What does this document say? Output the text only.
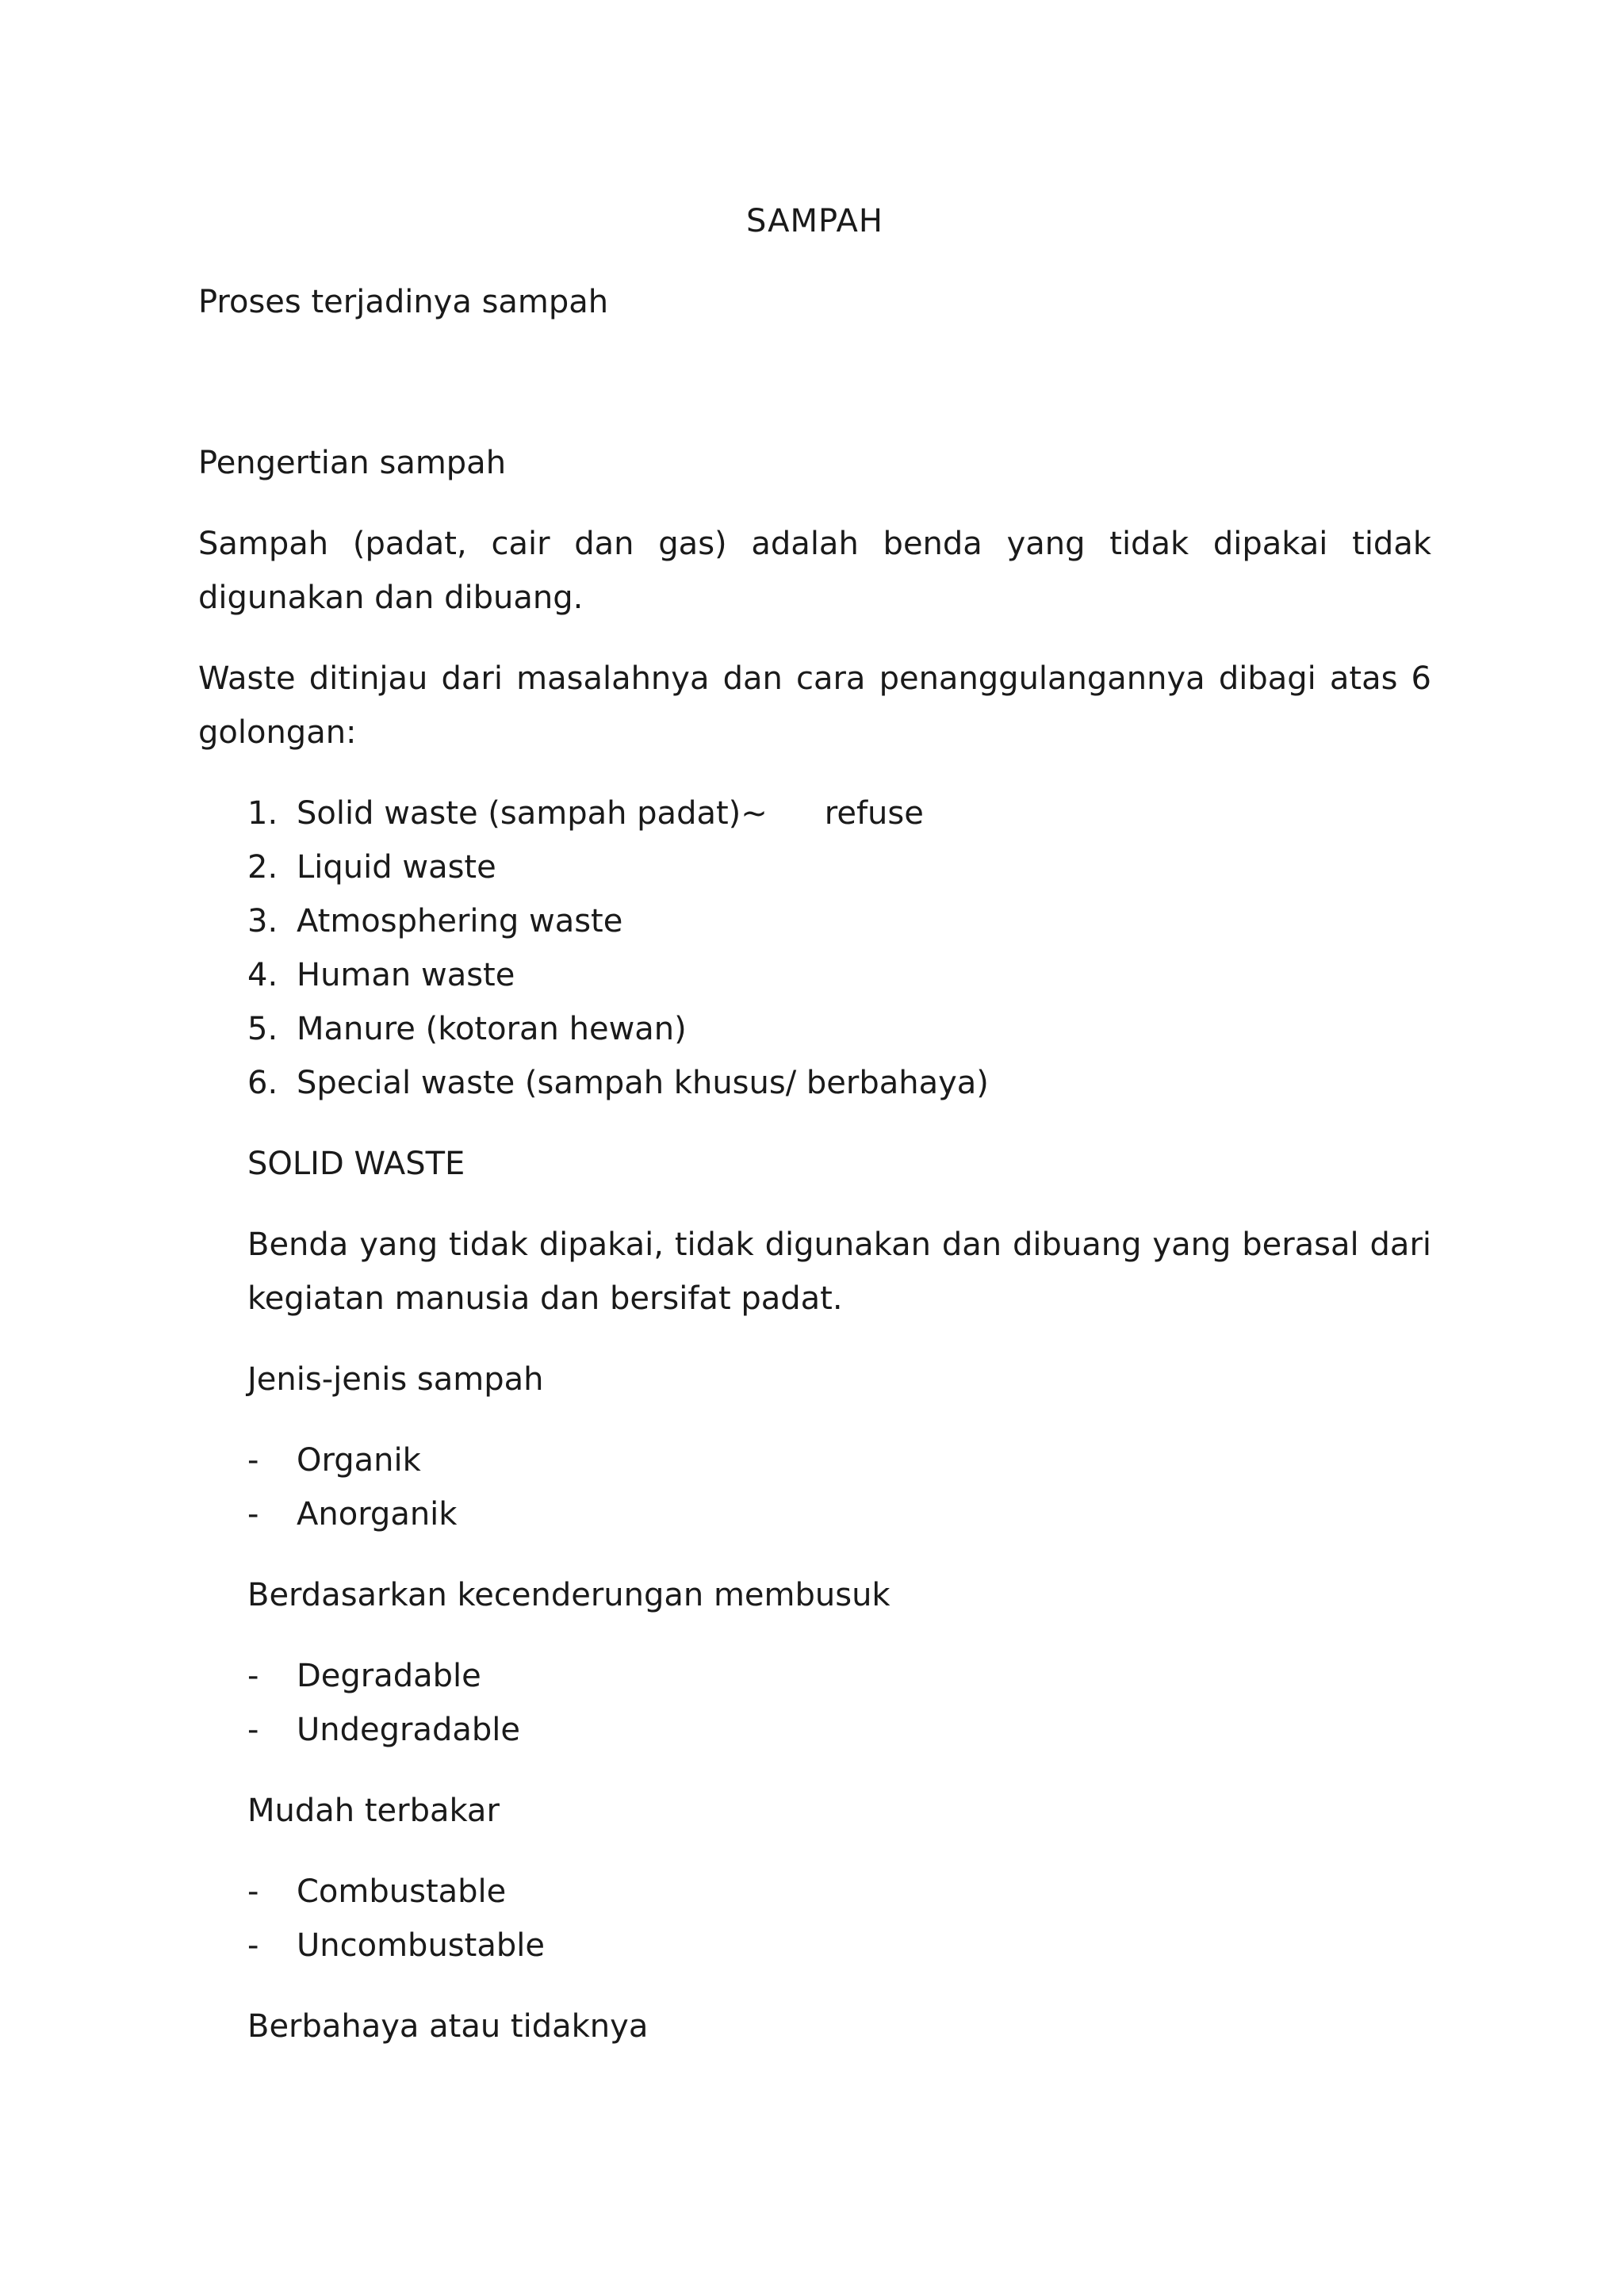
SAMPAH

Proses terjadinya sampah

Pengertian sampah

Sampah (padat, cair dan gas) adalah benda yang tidak dipakai tidak digunakan dan dibuang.

Waste ditinjau dari masalahnya dan cara penanggulangannya dibagi atas 6 golongan:

1. Solid waste (sampah padat)~ refuse
2. Liquid waste
3. Atmosphering waste
4. Human waste
5. Manure (kotoran hewan)
6. Special waste (sampah khusus/ berbahaya)

SOLID WASTE

Benda yang tidak dipakai, tidak digunakan dan dibuang yang berasal dari kegiatan manusia dan bersifat padat.

Jenis-jenis sampah

- Organik
- Anorganik

Berdasarkan kecenderungan membusuk

- Degradable
- Undegradable

Mudah terbakar

- Combustable
- Uncombustable

Berbahaya atau tidaknya
